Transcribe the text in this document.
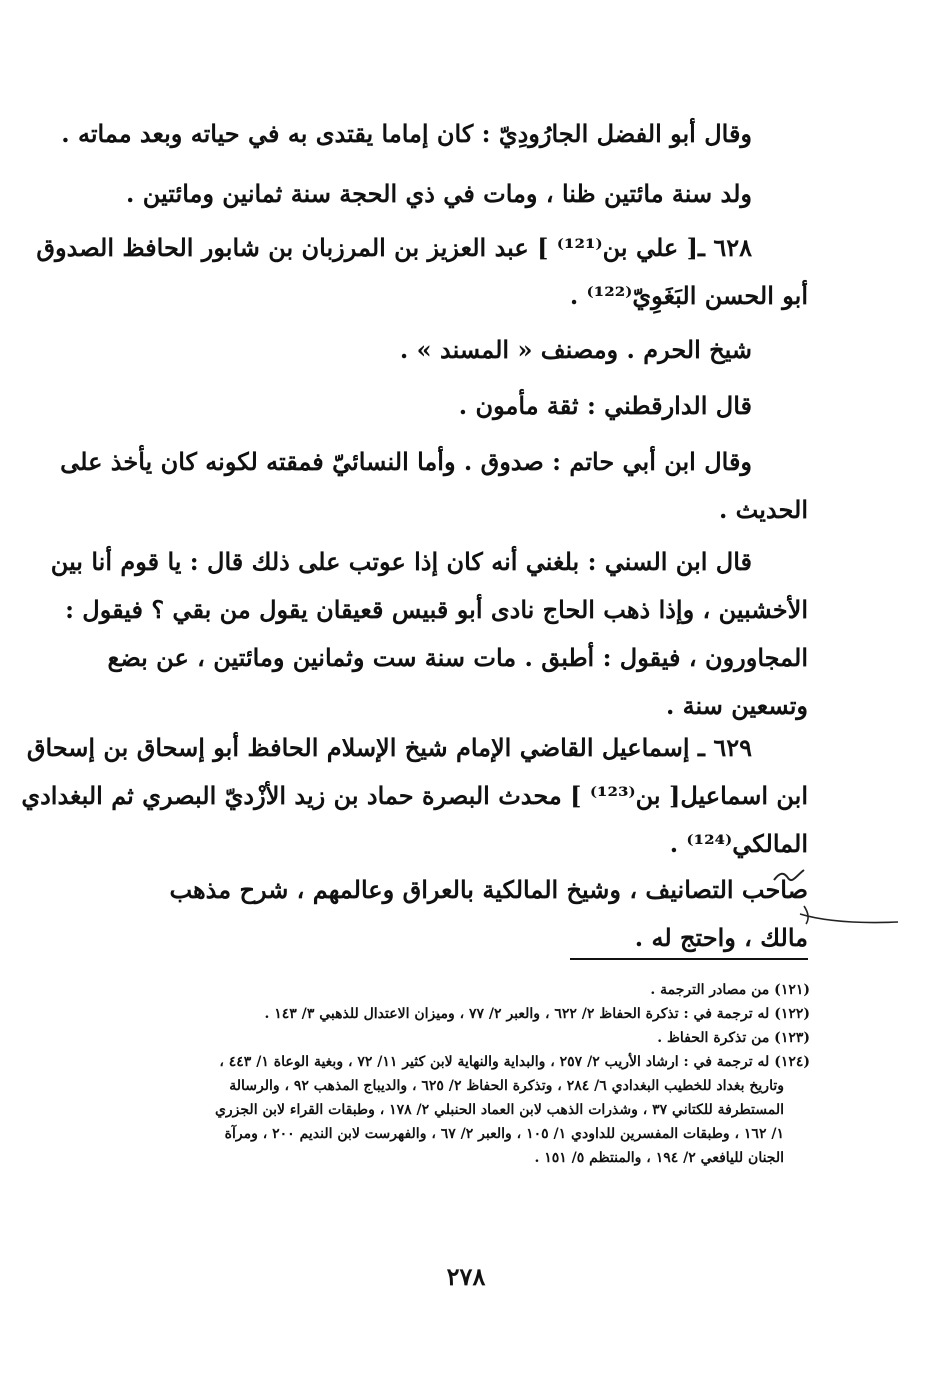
وقال أبو الفضل الجارُودِيّ : كان إماما يقتدى به في حياته وبعد مماته .
ولد سنة مائتين ظنا ، ومات في ذي الحجة سنة ثمانين ومائتين .
٦٢٨ ـ[ علي بن⁽¹²¹⁾ ] عبد العزيز بن المرزبان بن شابور الحافظ الصدوق
أبو الحسن البَغَوِيّ⁽¹²²⁾ .
شيخ الحرم . ومصنف « المسند » .
قال الدارقطني : ثقة مأمون .
وقال ابن أبي حاتم : صدوق . وأما النسائيّ فمقته لكونه كان يأخذ على
الحديث .
قال ابن السني : بلغني أنه كان إذا عوتب على ذلك قال : يا قوم أنا بين
الأخشبين ، وإذا ذهب الحاج نادى أبو قبيس قعيقان يقول من بقي ؟ فيقول :
المجاورون ، فيقول : أطبق . مات سنة ست وثمانين ومائتين ، عن بضع
وتسعين سنة .
٦٢٩ ـ إسماعيل القاضي الإمام شيخ الإسلام الحافظ أبو إسحاق بن إسحاق
ابن اسماعيل[ بن⁽¹²³⁾ ] محدث البصرة حماد بن زيد الأزْديّ البصري ثم البغدادي
المالكي⁽¹²⁴⁾ .
صاحب التصانيف ، وشيخ المالكية بالعراق وعالمهم ، شرح مذهب
مالك ، واحتج له .
(١٢١) من مصادر الترجمة .
(١٢٢) له ترجمة في : تذكرة الحفاظ ٢/ ٦٢٢ ، والعبر ٢/ ٧٧ ، وميزان الاعتدال للذهبي ٣/ ١٤٣ .
(١٢٣) من تذكرة الحفاظ .
(١٢٤) له ترجمة في : ارشاد الأريب ٢/ ٢٥٧ ، والبداية والنهاية لابن كثير ١١/ ٧٢ ، وبغية الوعاة ١/ ٤٤٣ ،
وتاريخ بغداد للخطيب البغدادي ٦/ ٢٨٤ ، وتذكرة الحفاظ ٢/ ٦٢٥ ، والديباج المذهب ٩٢ ، والرسالة
المستطرفة للكتاني ٣٧ ، وشذرات الذهب لابن العماد الحنبلي ٢/ ١٧٨ ، وطبقات القراء لابن الجزري
١/ ١٦٢ ، وطبقات المفسرين للداودي ١/ ١٠٥ ، والعبر ٢/ ٦٧ ، والفهرست لابن النديم ٢٠٠ ، ومرآة
الجنان لليافعي ٢/ ١٩٤ ، والمنتظم ٥/ ١٥١ .
٢٧٨
